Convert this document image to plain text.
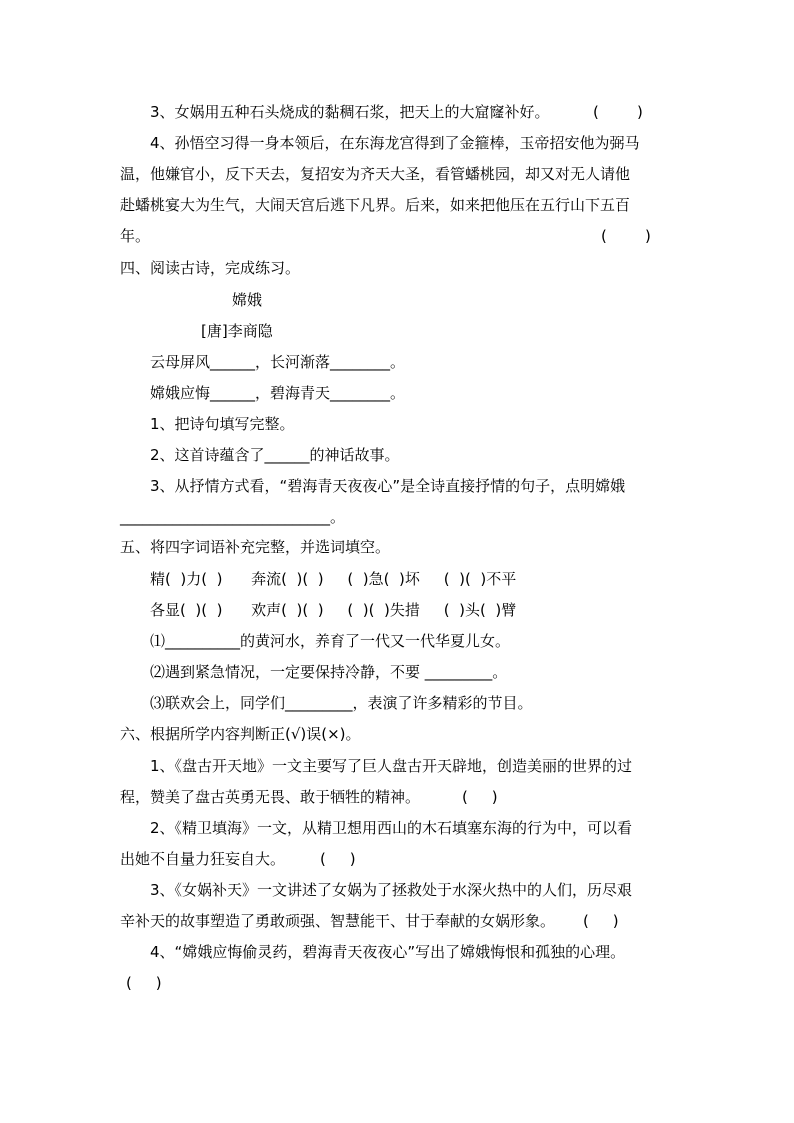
3、女娲用五种石头烧成的黏稠石浆，把天上的大窟窿补好。	(        )
4、孙悟空习得一身本领后，在东海龙宫得到了金箍棒，玉帝招安他为弼马
温，他嫌官小，反下天去，复招安为齐天大圣，看管蟠桃园，却又对无人请他
赴蟠桃宴大为生气，大闹天宫后逃下凡界。后来，如来把他压在五行山下五百
年。	(        )
四、阅读古诗，完成练习。
嫦娥
[唐]李商隐
云母屏风______，长河渐落________。
嫦娥应悔______，碧海青天________。
1、把诗句填写完整。
2、这首诗蕴含了______的神话故事。
3、从抒情方式看，“碧海青天夜夜心”是全诗直接抒情的句子，点明嫦娥
____________________________。
五、将四字词语补充完整，并选词填空。
精(  )力(  )      奔流(  )(  )     (  )急(  )坏     (  )(  )不平
各显(  )(  )      欢声(  )(  )     (  )(  )失措     (  )头(  )臂
⑴__________的黄河水，养育了一代又一代华夏儿女。
⑵遇到紧急情况，一定要保持冷静，不要 _________。
⑶联欢会上，同学们_________，表演了许多精彩的节目。
六、根据所学内容判断正(√)误(×)。
1、《盘古开天地》一文主要写了巨人盘古开天辟地，创造美丽的世界的过
程，赞美了盘古英勇无畏、敢于牺牲的精神。	(     )
2、《精卫填海》一文，从精卫想用西山的木石填塞东海的行为中，可以看
出她不自量力狂妄自大。 (     )
3、《女娲补天》一文讲述了女娲为了拯救处于水深火热中的人们，历尽艰
辛补天的故事塑造了勇敢顽强、智慧能干、甘于奉献的女娲形象。 (     )
4、“嫦娥应悔偷灵药，碧海青天夜夜心”写出了嫦娥悔恨和孤独的心理。
(     )
